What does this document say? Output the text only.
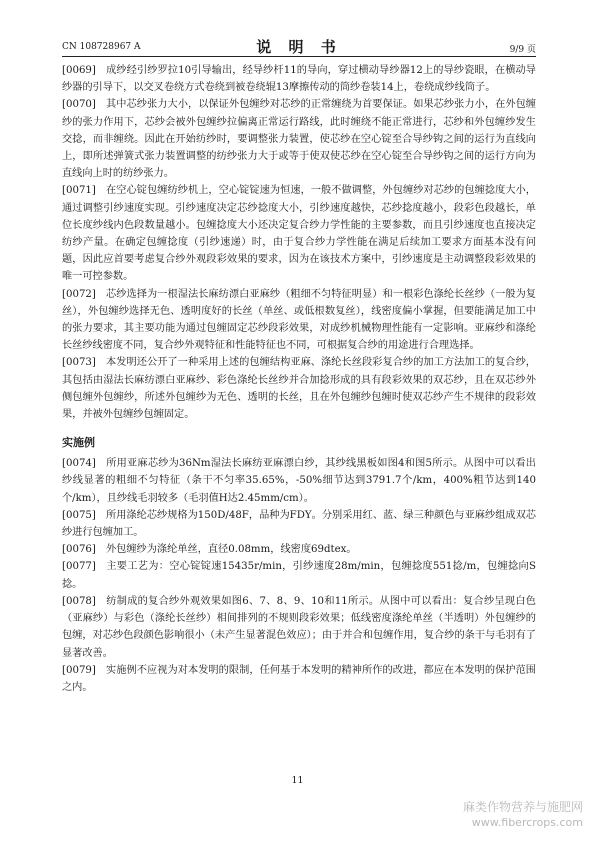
CN 108728967 A	说 明 书	9/9 页

[0069] 成纱经引纱罗拉10引导输出，经导纱杆11的导向，穿过横动导纱器12上的导纱瓷眼，在横动导纱器的引导下，以交叉卷绕方式卷绕到被卷绕辊13摩擦传动的筒纱卷装14上，卷绕成纱线筒子。

[0070] 其中芯纱张力大小，以保证外包缠纱对芯纱的正常缠绕为首要保证。如果芯纱张力小，在外包缠纱的张力作用下，芯纱会被外包缠纱拉偏离正常运行路线，此时缠绕不能正常进行，芯纱和外包缠纱发生交捻，而非缠绕。因此在开始纺纱时，要调整张力装置，使芯纱在空心锭至合导纱钩之间的运行为直线向上，即所述弹簧式张力装置调整的纺纱张力大于或等于使双使芯纱在空心锭至合导纱钩之间的运行方向为直线向上时的纺纱张力。

[0071] 在空心锭包缠纺纱机上，空心锭锭速为恒速，一般不做调整，外包缠纱对芯纱的包缠捻度大小，通过调整引纱速度实现。引纱速度决定芯纱捻度大小，引纱速度越快，芯纱捻度越小，段彩色段越长，单位长度纱线内色段数量越小。包缠捻度大小还决定复合纱力学性能的主要参数，而且引纱速度也直接决定纺纱产量。在确定包缠捻度（引纱速递）时，由于复合纱力学性能在满足后续加工要求方面基本没有问题，因此应首要考虑复合纱外观段彩效果的要求，因为在该技术方案中，引纱速度是主动调整段彩效果的唯一可控参数。

[0072] 芯纱选择为一根湿法长麻纺漂白亚麻纱（粗细不匀特征明显）和一根彩色涤纶长丝纱（一般为复丝），外包缠纱选择无色、透明度好的长丝（单丝、或低根数复丝），线密度偏小掌握，但要能满足加工中的张力要求，其主要功能为通过包缠固定芯纱段彩效果，对成纱机械物理性能有一定影响。亚麻纱和涤纶长丝纱线密度不同，复合纱外观特征和性能特征也不同，可根据复合纱的用途进行合理选择。

[0073] 本发明还公开了一种采用上述的包缠结构亚麻、涤纶长丝段彩复合纱的加工方法加工的复合纱，其包括由湿法长麻纺漂白亚麻纱、彩色涤纶长丝纱并合加捻形成的具有段彩效果的双芯纱，且在双芯纱外侧包缠外包缠纱，所述外包缠纱为无色、透明的长丝，且在外包缠纱包缠时使双芯纱产生不规律的段彩效果，并被外包缠纱包缠固定。

实施例

[0074] 所用亚麻芯纱为36Nm湿法长麻纺亚麻漂白纱，其纱线黑板如图4和图5所示。从图中可以看出纱线显著的粗细不匀特征（条干不匀率35.65%，-50%细节达到3791.7个/km，400%粗节达到140个/km），且纱线毛羽较多（毛羽值H达2.45mm/cm）。

[0075] 所用涤纶芯纱规格为150D/48F，品种为FDY。分别采用红、蓝、绿三种颜色与亚麻纱组成双芯纱进行包缠加工。

[0076] 外包缠纱为涤纶单丝，直径0.08mm，线密度69dtex。

[0077] 主要工艺为：空心锭锭速15435r/min，引纱速度28m/min，包缠捻度551捻/m，包缠捻向S捻。

[0078] 纺制成的复合纱外观效果如图6、7、8、9、10和11所示。从图中可以看出：复合纱呈现白色（亚麻纱）与彩色（涤纶长丝纱）相间排列的不规则段彩效果；低线密度涤纶单丝（半透明）外包缠纱的包缠，对芯纱色段颜色影响很小（未产生显著混色效应）；由于并合和包缠作用，复合纱的条干与毛羽有了显著改善。

[0079] 实施例不应视为对本发明的限制，任何基于本发明的精神所作的改进，都应在本发明的保护范围之内。

11
麻类作物营养与施肥网
www.fibercrops.com
